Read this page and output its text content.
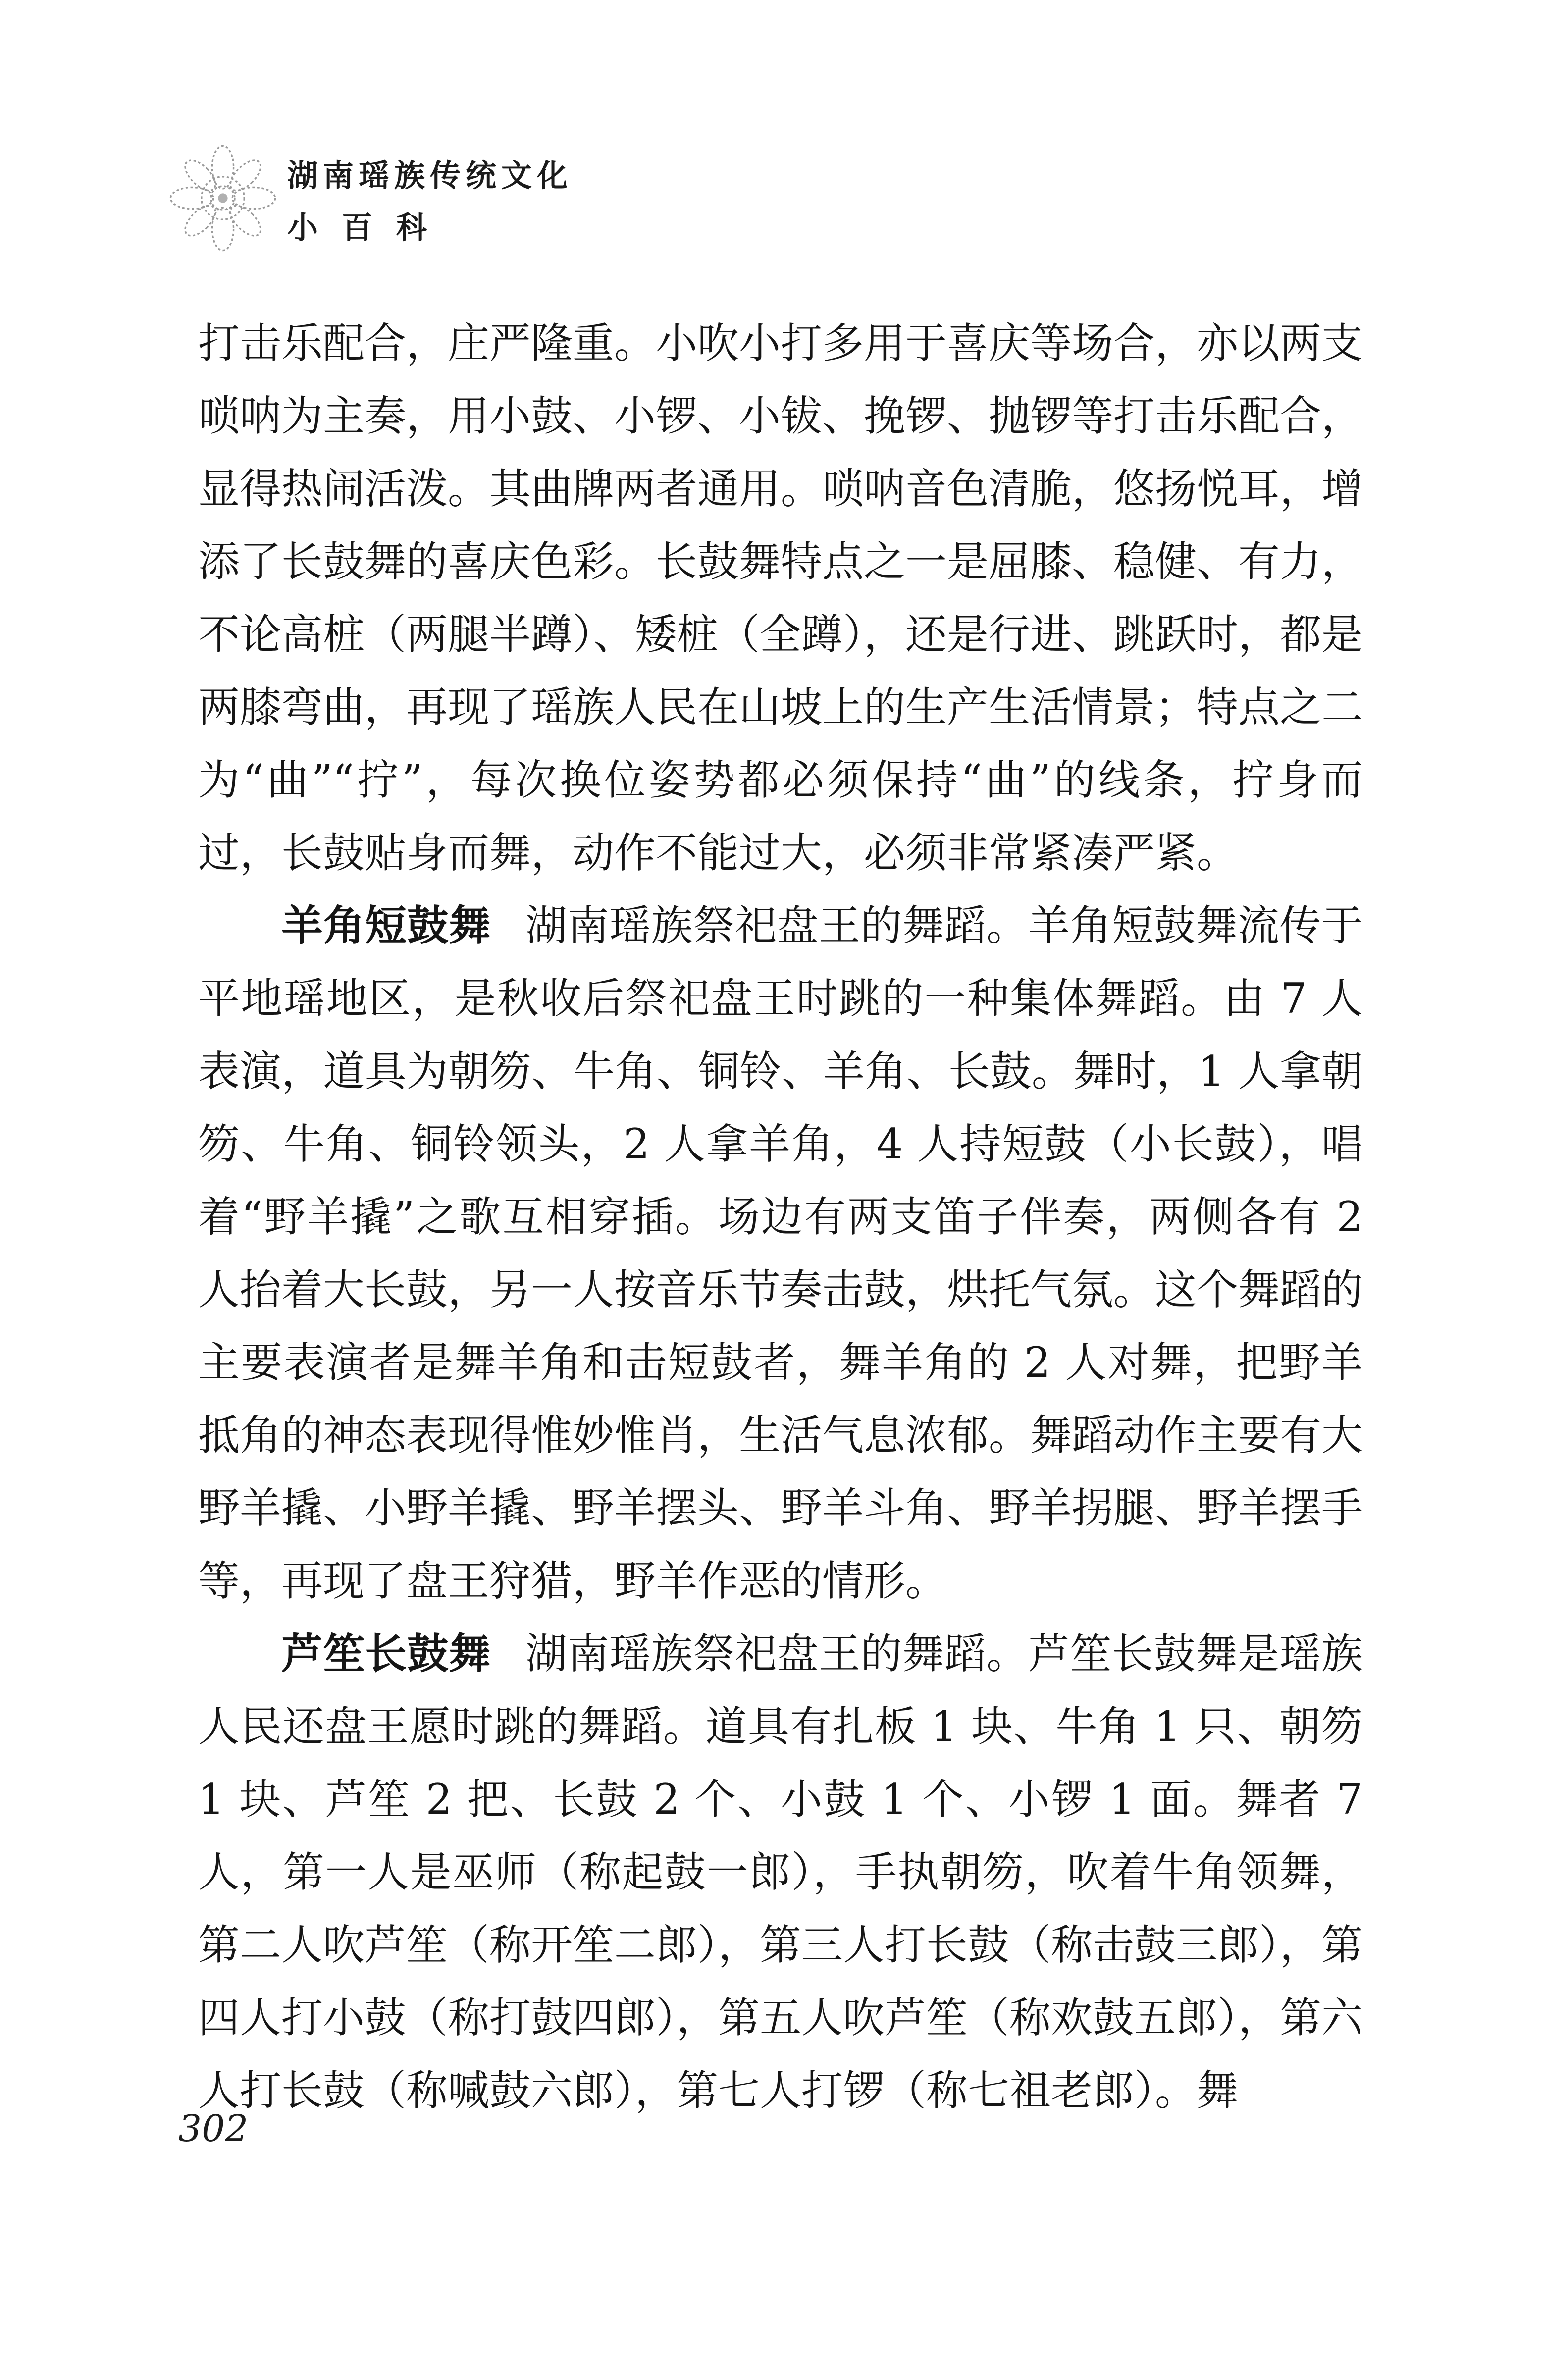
湖南瑶族传统文化
小百科

打击乐配合，庄严隆重。小吹小打多用于喜庆等场合，亦以两支唢呐为主奏，用小鼓、小锣、小钹、挽锣、抛锣等打击乐配合，显得热闹活泼。其曲牌两者通用。唢呐音色清脆，悠扬悦耳，增添了长鼓舞的喜庆色彩。长鼓舞特点之一是屈膝、稳健、有力，不论高桩（两腿半蹲）、矮桩（全蹲），还是行进、跳跃时，都是两膝弯曲，再现了瑶族人民在山坡上的生产生活情景；特点之二为“曲”“拧”，每次换位姿势都必须保持“曲”的线条，拧身而过，长鼓贴身而舞，动作不能过大，必须非常紧凑严紧。

羊角短鼓舞 湖南瑶族祭祀盘王的舞蹈。羊角短鼓舞流传于平地瑶地区，是秋收后祭祀盘王时跳的一种集体舞蹈。由 7 人表演，道具为朝笏、牛角、铜铃、羊角、长鼓。舞时，1 人拿朝笏、牛角、铜铃领头，2 人拿羊角，4 人持短鼓（小长鼓），唱着“野羊撬”之歌互相穿插。场边有两支笛子伴奏，两侧各有 2 人抬着大长鼓，另一人按音乐节奏击鼓，烘托气氛。这个舞蹈的主要表演者是舞羊角和击短鼓者，舞羊角的 2 人对舞，把野羊抵角的神态表现得惟妙惟肖，生活气息浓郁。舞蹈动作主要有大野羊撬、小野羊撬、野羊摆头、野羊斗角、野羊拐腿、野羊摆手等，再现了盘王狩猎，野羊作恶的情形。

芦笙长鼓舞 湖南瑶族祭祀盘王的舞蹈。芦笙长鼓舞是瑶族人民还盘王愿时跳的舞蹈。道具有扎板 1 块、牛角 1 只、朝笏 1 块、芦笙 2 把、长鼓 2 个、小鼓 1 个、小锣 1 面。舞者 7 人，第一人是巫师（称起鼓一郎），手执朝笏，吹着牛角领舞，第二人吹芦笙（称开笙二郎），第三人打长鼓（称击鼓三郎），第四人打小鼓（称打鼓四郎），第五人吹芦笙（称欢鼓五郎），第六人打长鼓（称喊鼓六郎），第七人打锣（称七祖老郎）。舞

302
